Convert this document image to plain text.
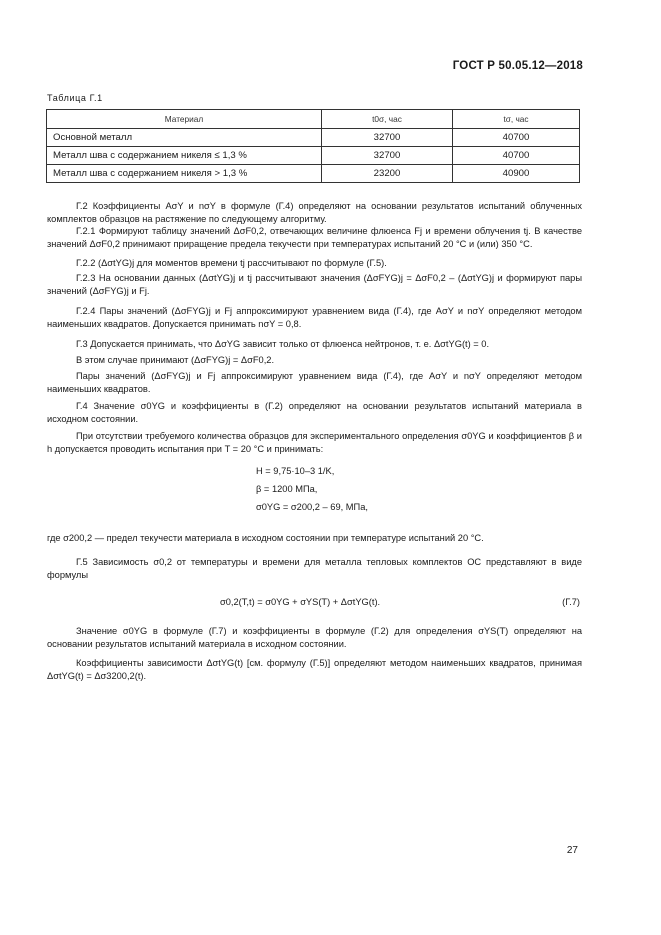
ГОСТ Р 50.05.12—2018
Таблица Г.1
Материал	t0σ, час	tσ, час
Основной металл	32700	40700
Металл шва с содержанием никеля ≤ 1,3 %	32700	40700
Металл шва с содержанием никеля > 1,3 %	23200	40900
Г.2 Коэффициенты AσY и nσY в формуле (Г.4) определяют на основании результатов испытаний облученных комплектов образцов на растяжение по следующему алгоритму.
Г.2.1 Формируют таблицу значений ΔσF0,2, отвечающих величине флюенса Fj и времени облучения tj. В качестве значений ΔσF0,2 принимают приращение предела текучести при температурах испытаний 20 °С и (или) 350 °С.
Г.2.2 (ΔσtYG)j для моментов времени tj рассчитывают по формуле (Г.5).
Г.2.3 На основании данных (ΔσtYG)j и tj рассчитывают значения (ΔσFYG)j = ΔσF0,2 – (ΔσtYG)j и формируют пары значений (ΔσFYG)j и Fj.
Г.2.4 Пары значений (ΔσFYG)j и Fj аппроксимируют уравнением вида (Г.4), где AσY и nσY определяют методом наименьших квадратов. Допускается принимать nσY = 0,8.
Г.3 Допускается принимать, что ΔσYG зависит только от флюенса нейтронов, т. е. ΔσtYG(t) = 0.
В этом случае принимают (ΔσFYG)j = ΔσF0,2.
Пары значений (ΔσFYG)j и Fj аппроксимируют уравнением вида (Г.4), где AσY и nσY определяют методом наименьших квадратов.
Г.4 Значение σ0YG и коэффициенты в (Г.2) определяют на основании результатов испытаний материала в исходном состоянии.
При отсутствии требуемого количества образцов для экспериментального определения σ0YG и коэффициентов β и h допускается проводить испытания при T = 20 °С и принимать:
H = 9,75·10–3 1/K,
β = 1200 МПа,
σ0YG = σ200,2 – 69, МПа,
где σ200,2 — предел текучести материала в исходном состоянии при температуре испытаний 20 °С.
Г.5 Зависимость σ0,2 от температуры и времени для металла тепловых комплектов ОС представляют в виде формулы
σ0,2(T,t) = σ0YG + σYS(T) + ΔσtYG(t).	(Г.7)
Значение σ0YG в формуле (Г.7) и коэффициенты в формуле (Г.2) для определения σYS(T) определяют на основании результатов испытаний материала в исходном состоянии.
Коэффициенты зависимости ΔσtYG(t) [см. формулу (Г.5)] определяют методом наименьших квадратов, принимая ΔσtYG(t) = Δσ3200,2(t).
27
